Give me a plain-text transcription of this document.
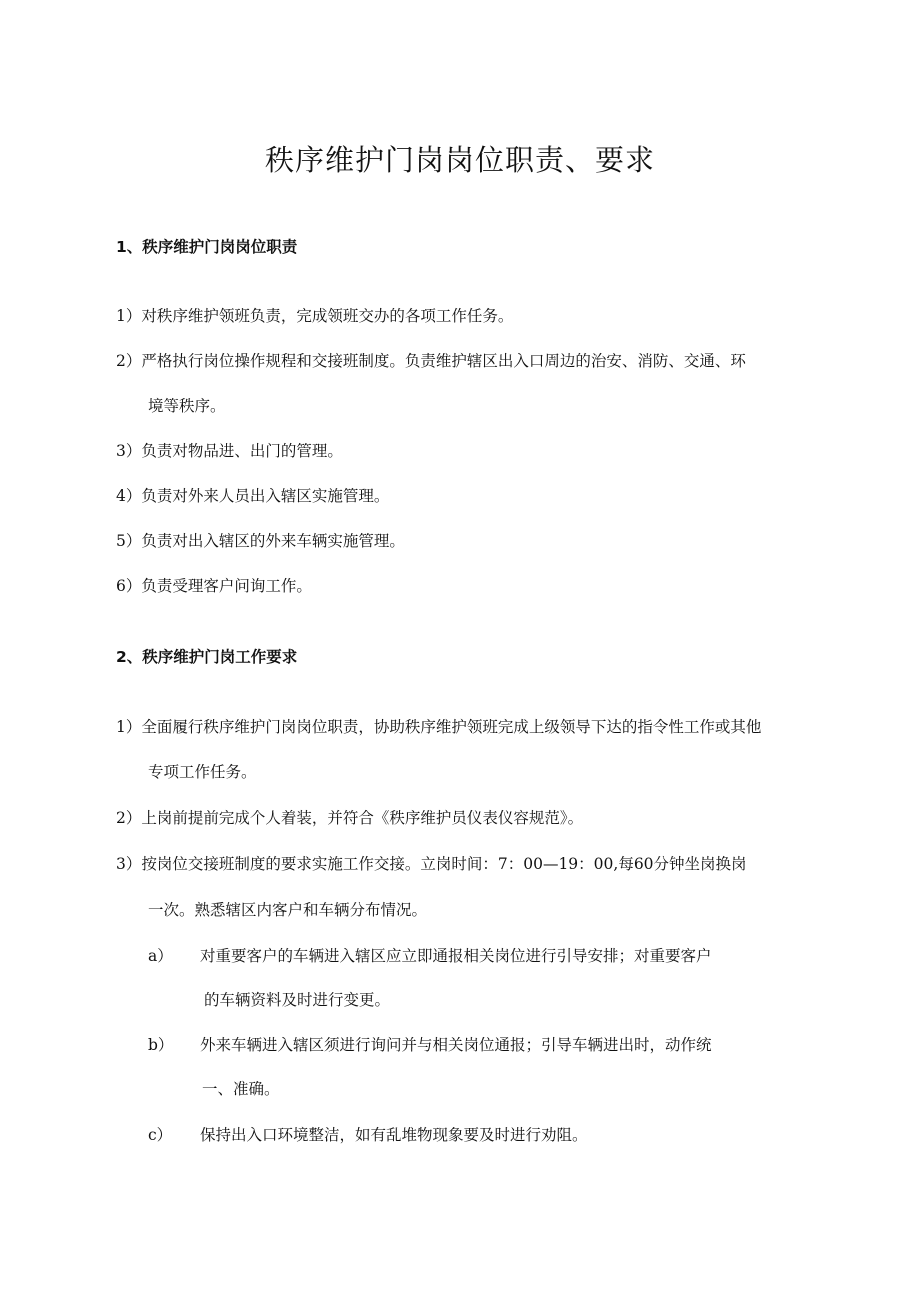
秩序维护门岗岗位职责、要求
1、秩序维护门岗岗位职责
1）对秩序维护领班负责，完成领班交办的各项工作任务。
2）严格执行岗位操作规程和交接班制度。负责维护辖区出入口周边的治安、消防、交通、环
境等秩序。
3）负责对物品进、出门的管理。
4）负责对外来人员出入辖区实施管理。
5）负责对出入辖区的外来车辆实施管理。
6）负责受理客户问询工作。
2、秩序维护门岗工作要求
1）全面履行秩序维护门岗岗位职责，协助秩序维护领班完成上级领导下达的指令性工作或其他
专项工作任务。
2）上岗前提前完成个人着装，并符合《秩序维护员仪表仪容规范》。
3）按岗位交接班制度的要求实施工作交接。立岗时间：7：00—19：00,每60分钟坐岗换岗
一次。熟悉辖区内客户和车辆分布情况。
a） 对重要客户的车辆进入辖区应立即通报相关岗位进行引导安排；对重要客户
的车辆资料及时进行变更。
b） 外来车辆进入辖区须进行询问并与相关岗位通报；引导车辆进出时，动作统
一、准确。
c） 保持出入口环境整洁，如有乱堆物现象要及时进行劝阻。
